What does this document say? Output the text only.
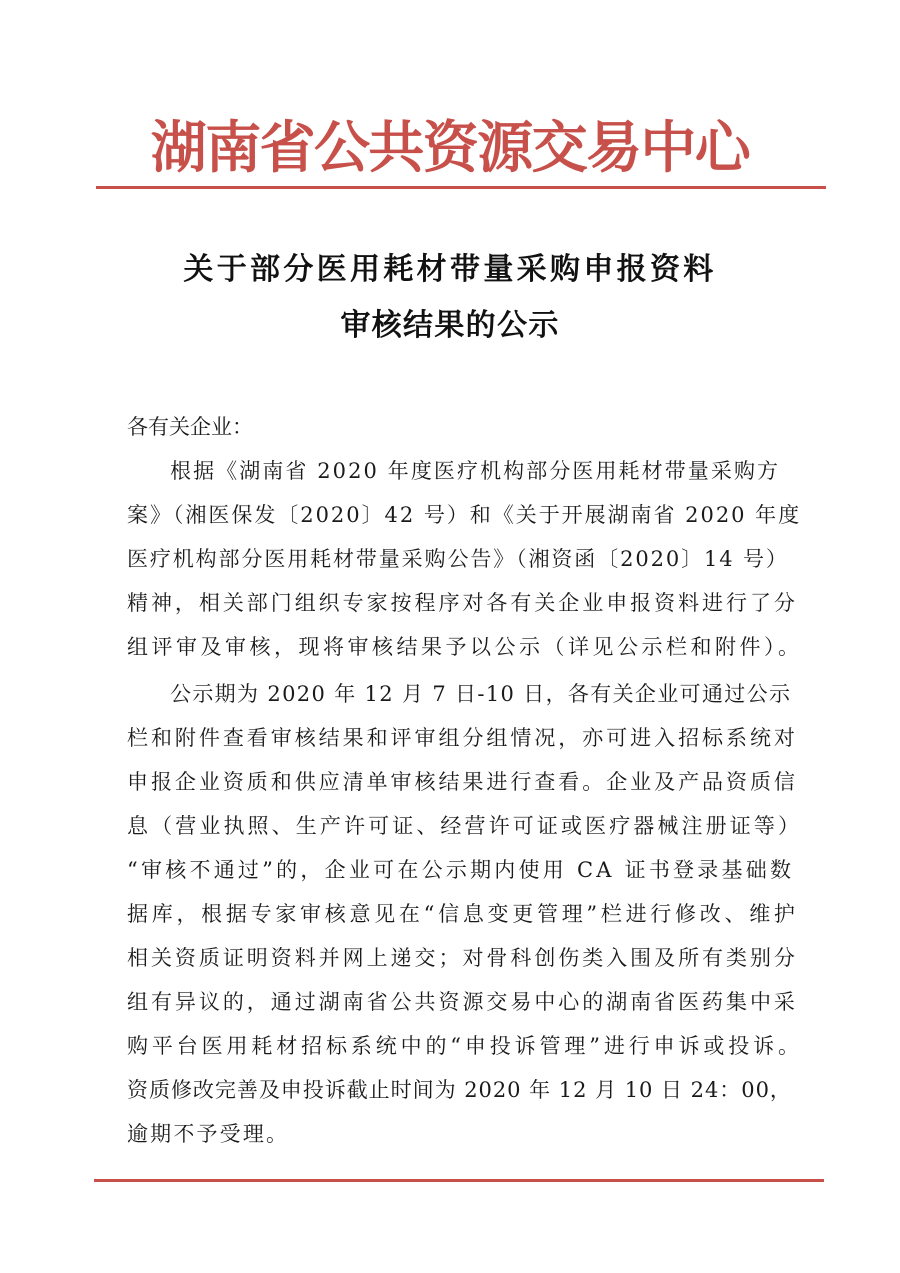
湖南省公共资源交易中心
关于部分医用耗材带量采购申报资料
审核结果的公示
各有关企业：
根据《湖南省 2020 年度医疗机构部分医用耗材带量采购方
案》（湘医保发〔2020〕42 号）和《关于开展湖南省 2020 年度
医疗机构部分医用耗材带量采购公告》（湘资函〔2020〕14 号）
精神，相关部门组织专家按程序对各有关企业申报资料进行了分
组评审及审核，现将审核结果予以公示（详见公示栏和附件）。
公示期为 2020 年 12 月 7 日-10 日，各有关企业可通过公示
栏和附件查看审核结果和评审组分组情况，亦可进入招标系统对
申报企业资质和供应清单审核结果进行查看。企业及产品资质信
息（营业执照、生产许可证、经营许可证或医疗器械注册证等）
“审核不通过”的，企业可在公示期内使用 CA 证书登录基础数
据库，根据专家审核意见在“信息变更管理”栏进行修改、维护
相关资质证明资料并网上递交；对骨科创伤类入围及所有类别分
组有异议的，通过湖南省公共资源交易中心的湖南省医药集中采
购平台医用耗材招标系统中的“申投诉管理”进行申诉或投诉。
资质修改完善及申投诉截止时间为 2020 年 12 月 10 日 24：00，
逾期不予受理。
